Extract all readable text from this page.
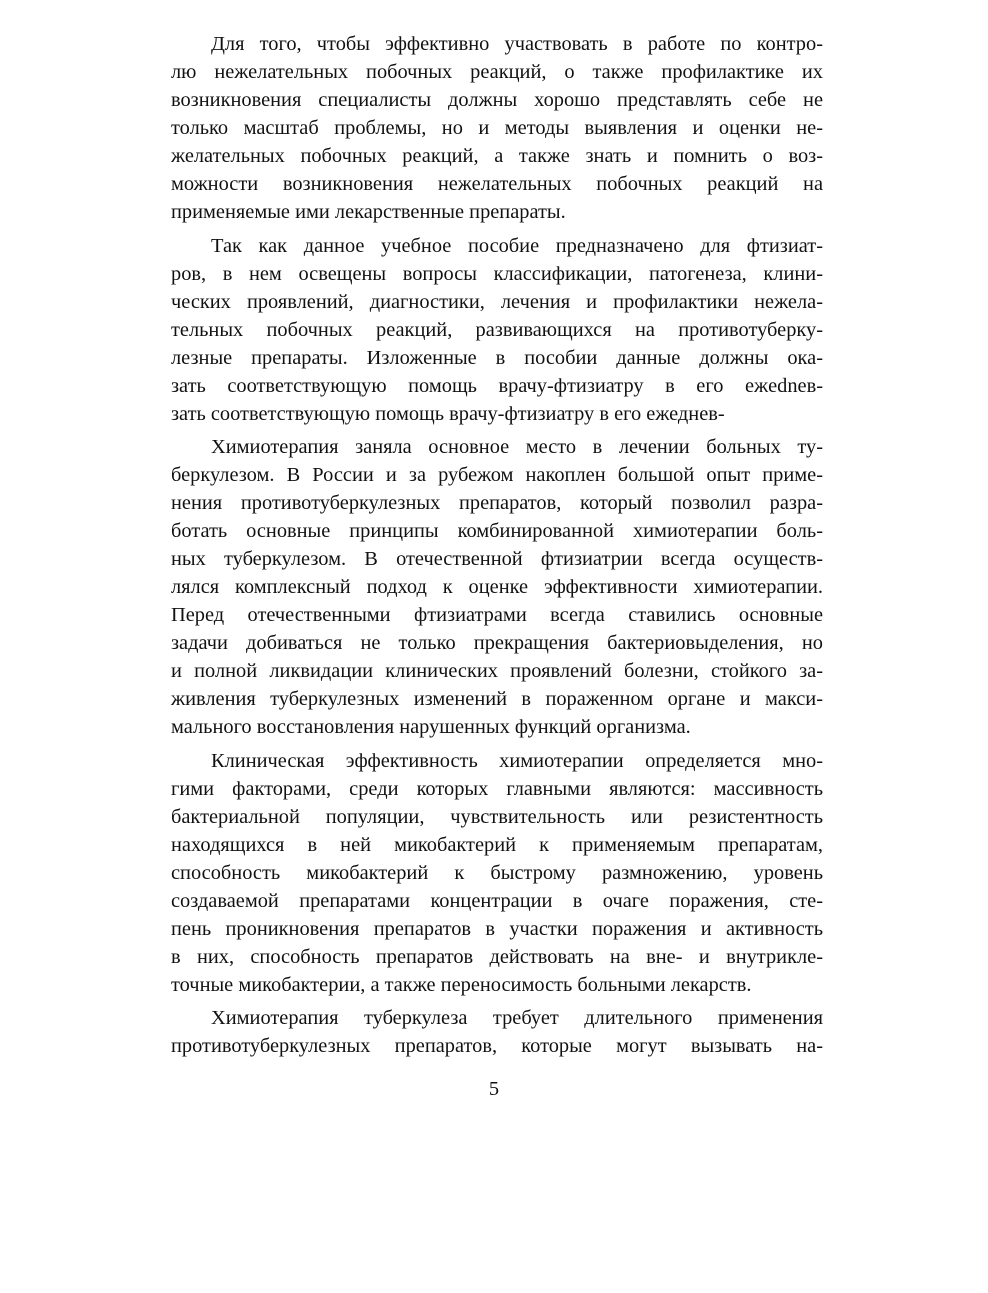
Для того, чтобы эффективно участвовать в работе по контро-
лю нежелательных побочных реакций, о также профилактике их
возникновения специалисты должны хорошо представлять себе не
только масштаб проблемы, но и методы выявления и оценки не-
желательных побочных реакций, а также знать и помнить о воз-
можности возникновения нежелательных побочных реакций на
применяемые ими лекарственные препараты.
Так как данное учебное пособие предназначено для фтизиат-
ров, в нем освещены вопросы классификации, патогенеза, клини-
ческих проявлений, диагностики, лечения и профилактики нежела-
тельных побочных реакций, развивающихся на противотуберку-
лезные препараты. Изложенные в пособии данные должны ока-
зать соответствующую помощь врачу-фтизиатру в его ежednев-
зать соответствующую помощь врачу-фтизиатру в его ежеднев-
Химиотерапия заняла основное место в лечении больных ту-
беркулезом. В России и за рубежом накоплен большой опыт приме-
нения противотуберкулезных препаратов, который позволил разра-
ботать основные принципы комбинированной химиотерапии боль-
ных туберкулезом. В отечественной фтизиатрии всегда осуществ-
лялся комплексный подход к оценке эффективности химиотерапии.
Перед отечественными фтизиатрами всегда ставились основные
задачи добиваться не только прекращения бактериовыделения, но
и полной ликвидации клинических проявлений болезни, стойкого за-
живления туберкулезных изменений в пораженном органе и макси-
мального восстановления нарушенных функций организма.
Клиническая эффективность химиотерапии определяется мно-
гими факторами, среди которых главными являются: массивность
бактериальной популяции, чувствительность или резистентность
находящихся в ней микобактерий к применяемым препаратам,
способность микобактерий к быстрому размножению, уровень
создаваемой препаратами концентрации в очаге поражения, сте-
пень проникновения препаратов в участки поражения и активность
в них, способность препаратов действовать на вне- и внутрикле-
точные микобактерии, а также переносимость больными лекарств.
Химиотерапия туберкулеза требует длительного применения
противотуберкулезных препаратов, которые могут вызывать на-
5
